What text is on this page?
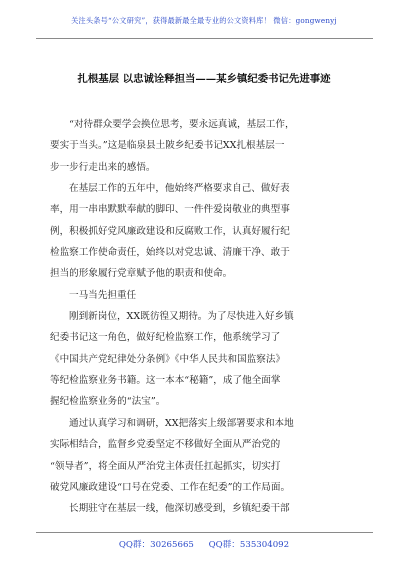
关注头条号“公文研究”，获得最新最全最专业的公文资料库！ 微信：gongwenyj
扎根基层 以忠诚诠释担当——某乡镇纪委书记先进事迹
“对待群众要学会换位思考，要永远真诚，基层工作，
要实于当头。”这是临泉县土陂乡纪委书记XX扎根基层一
步一步行走出来的感悟。
在基层工作的五年中，他始终严格要求自己、做好表
率，用一串串默默奉献的脚印、一件件爱岗敬业的典型事
例，积极抓好党风廉政建设和反腐败工作，认真好履行纪
检监察工作使命责任，始终以对党忠诚、清廉干净、敢于
担当的形象履行党章赋予他的职责和使命。
一马当先担重任
刚到新岗位，XX既彷徨又期待。为了尽快进入好乡镇
纪委书记这一角色，做好纪检监察工作，他系统学习了
《中国共产党纪律处分条例》《中华人民共和国监察法》
等纪检监察业务书籍。这一本本“秘籍”，成了他全面掌
握纪检监察业务的“法宝”。
通过认真学习和调研，XX把落实上级部署要求和本地
实际相结合，监督乡党委坚定不移做好全面从严治党的
“领导者”，将全面从严治党主体责任扛起抓实，切实打
破党风廉政建设“口号在党委、工作在纪委”的工作局面。
长期驻守在基层一线，他深切感受到，乡镇纪委干部
QQ群：30265665 QQ群：535304092
